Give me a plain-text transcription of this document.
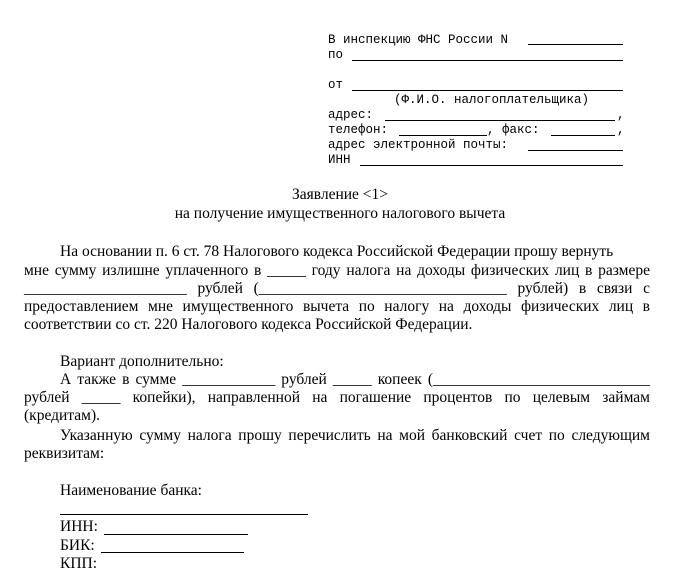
В инспекцию ФНС России N
по
от
(Ф.И.О. налогоплательщика)
адрес:	,
телефон:	, факс:	,
адрес электронной почты:
ИНН
Заявление <1>
на получение имущественного налогового вычета
На основании п. 6 ст. 78 Налогового кодекса Российской Федерации прошу вернуть
мне сумму излишне уплаченного в _____ году налога на доходы физических лиц в размере
_____________________ рублей (________________________________ рублей) в связи с
предоставлением мне имущественного вычета по налогу на доходы физических лиц в
соответствии со ст. 220 Налогового кодекса Российской Федерации.
Вариант дополнительно:
А также в сумме ____________ рублей _____ копеек (____________________________
рублей _____ копейки), направленной на погашение процентов по целевым займам
(кредитам).
Указанную сумму налога прошу перечислить на мой банковский счет по следующим
реквизитам:
Наименование банка:
ИНН:
БИК:
КПП:
